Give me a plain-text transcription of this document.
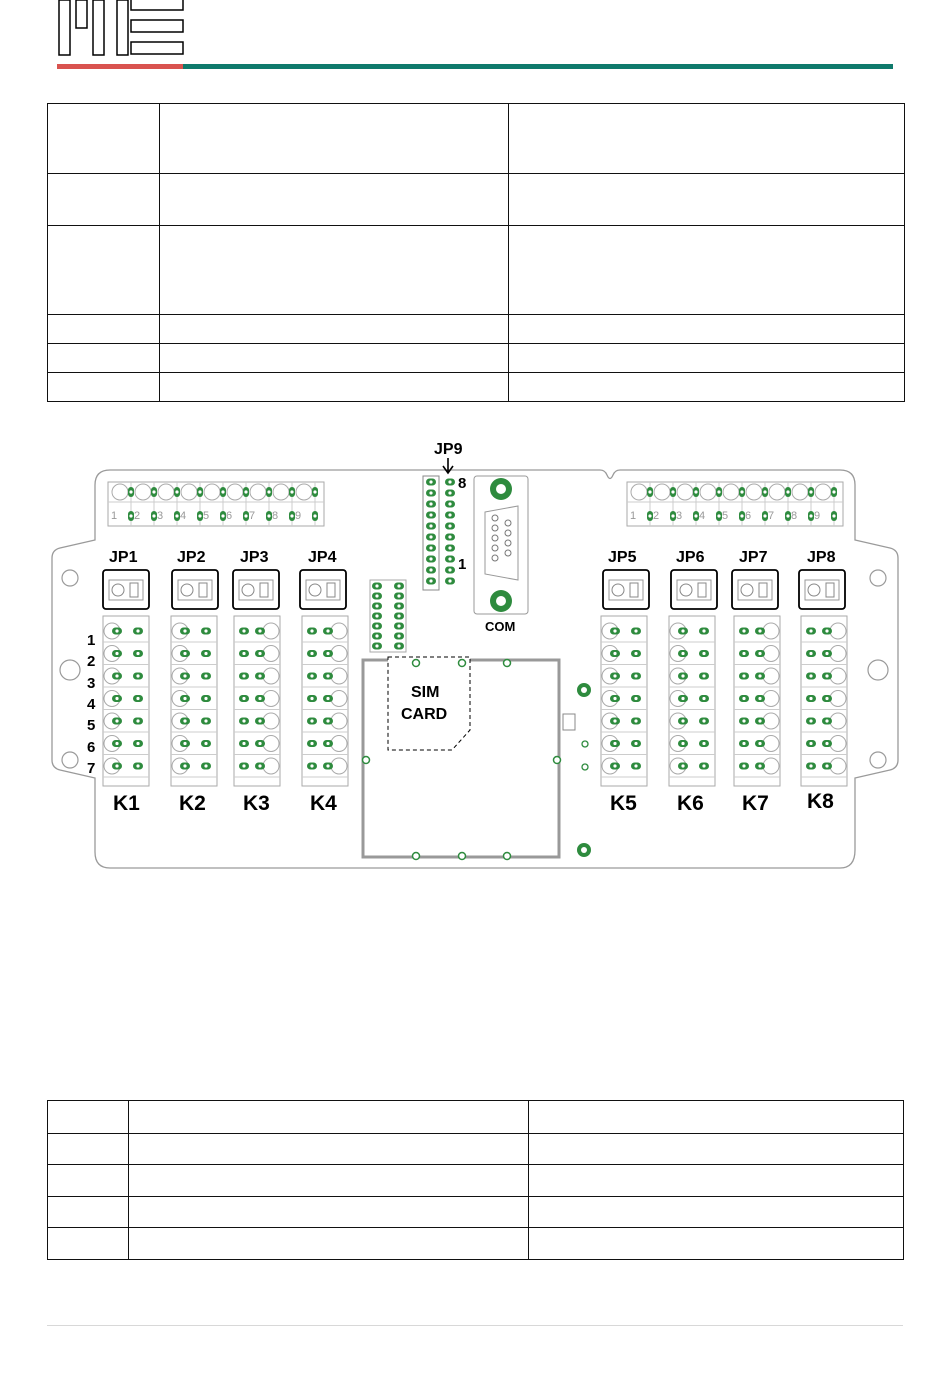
JP9
8
1
COM
SIM
CARD
JP1 JP2 JP3 JP4	JP5 JP6 JP7 JP8
K1 K2 K3 K4	K5 K6 K7 K8
1
2
3
4
5
6
7
1 2 3 4 5 6 7 8 9	1 2 3 4 5 6 7 8 9
